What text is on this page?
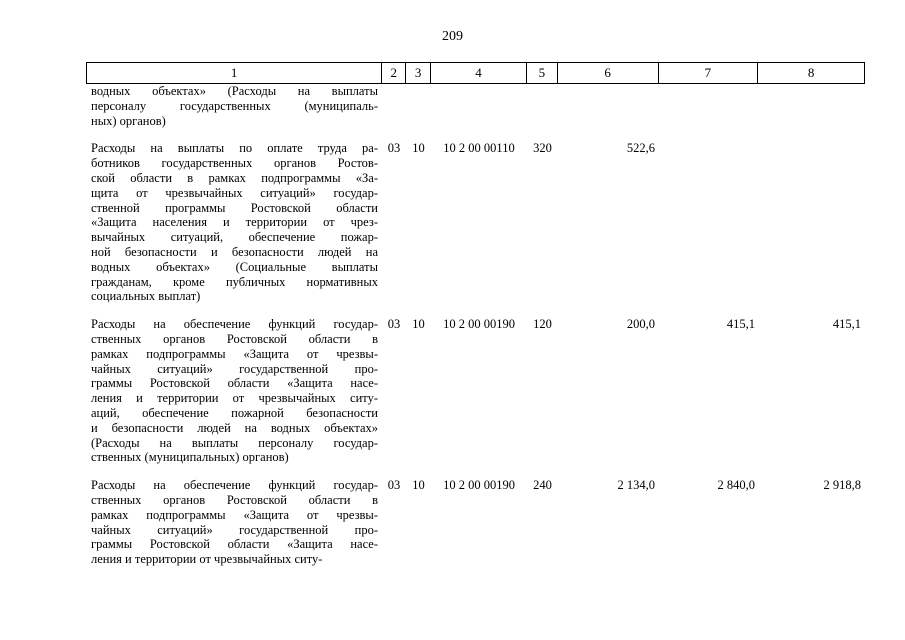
209
1	2	3	4	5	6	7	8
водных объектах» (Расходы на выплаты
персоналу государственных (муниципаль-
ных) органов)
Расходы на выплаты по оплате труда ра-
ботников государственных органов Ростов-
ской области в рамках подпрограммы «За-
щита от чрезвычайных ситуаций» государ-
ственной программы Ростовской области
«Защита населения и территории от чрез-
вычайных ситуаций, обеспечение пожар-
ной безопасности и безопасности людей на
водных объектах» (Социальные выплаты
гражданам, кроме публичных нормативных
социальных выплат)
03 10	10 2 00 00110	320	522,6
Расходы на обеспечение функций государ-
ственных органов Ростовской области в
рамках подпрограммы «Защита от чрезвы-
чайных ситуаций» государственной про-
граммы Ростовской области «Защита насе-
ления и территории от чрезвычайных ситу-
аций, обеспечение пожарной безопасности
и безопасности людей на водных объектах»
(Расходы на выплаты персоналу государ-
ственных (муниципальных) органов)
03 10	10 2 00 00190	120	200,0	415,1	415,1
Расходы на обеспечение функций государ-
ственных органов Ростовской области в
рамках подпрограммы «Защита от чрезвы-
чайных ситуаций» государственной про-
граммы Ростовской области «Защита насе-
ления и территории от чрезвычайных ситу-
03 10	10 2 00 00190	240	2 134,0	2 840,0	2 918,8
